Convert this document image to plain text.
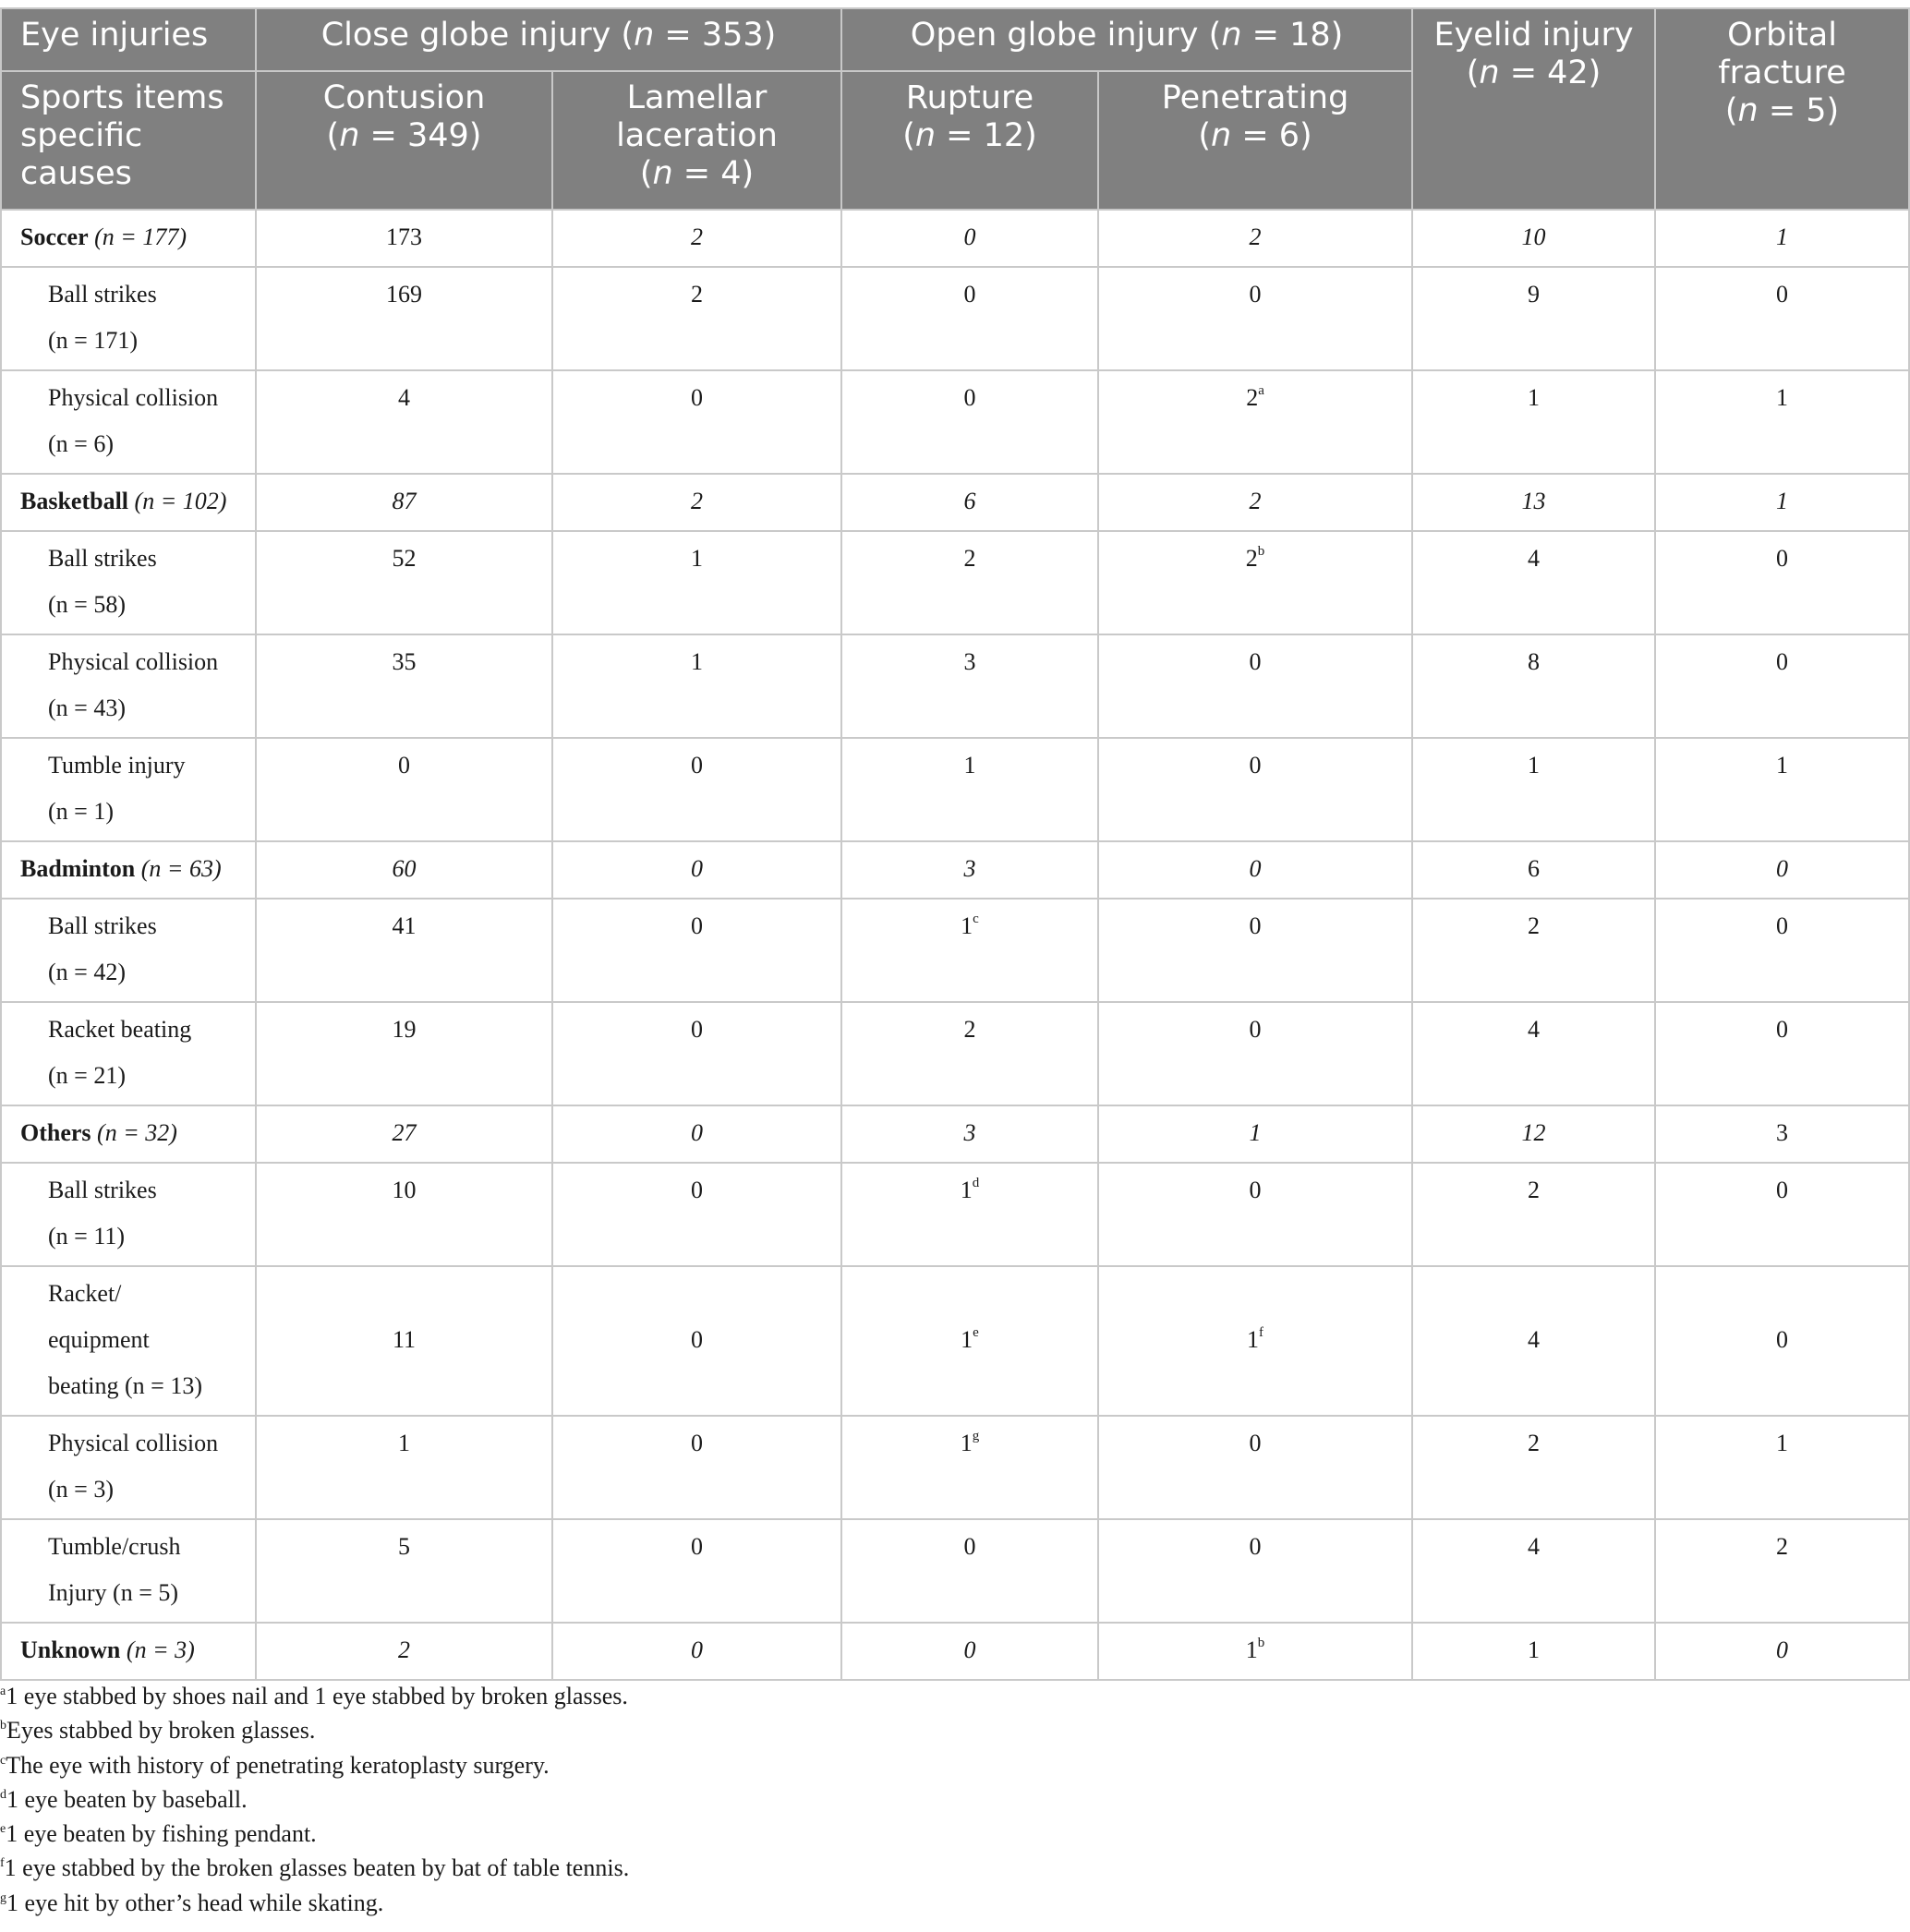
Eye injuries	Close globe injury (n = 353)		Open globe injury (n = 18)		Eyelid injury
(n = 42)	Orbital
fracture
(n = 5)
Sports items
specific
causes	Contusion
(n = 349)	Lamellar
laceration
(n = 4)	Rupture
(n = 12)	Penetrating
(n = 6)		
Soccer (n = 177)	173	2	0	2	10	1
Ball strikes
(n = 171)	169	2	0	0	9	0
Physical collision
(n = 6)	4	0	0	2$^a$	1	1
Basketball (n = 102)	87	2	6	2	13	1
Ball strikes
(n = 58)	52	1	2	2$^b$	4	0
Physical collision
(n = 43)	35	1	3	0	8	0
Tumble injury
(n = 1)	0	0	1	0	1	1
Badminton (n = 63)	60	0	3	0	6	0
Ball strikes
(n = 42)	41	0	1$^c$	0	2	0
Racket beating
(n = 21)	19	0	2	0	4	0
Others (n = 32)	27	0	3	1	12	3
Ball strikes
(n = 11)	10	0	1$^d$	0	2	0
Racket/
equipment
beating (n = 13)	11	0	1e	1$^f$	4	0
Physical collision
(n = 3)	1	0	1$^g$	0	2	1
Tumble/crush
Injury (n = 5)	5	0	0	0	4	2
Unknown (n = 3)	2	0	0	1$^b$	1	0
$^a$1 eye stabbed by shoes nail and 1 eye stabbed by broken glasses.
$^b$Eyes stabbed by broken glasses.
$^c$The eye with history of penetrating keratoplasty surgery.
$^d$1 eye beaten by baseball.
$^e$1 eye beaten by fishing pendant.
$^f$1 eye stabbed by the broken glasses beaten by bat of table tennis.
$^g$1 eye hit by other’s head while skating.
